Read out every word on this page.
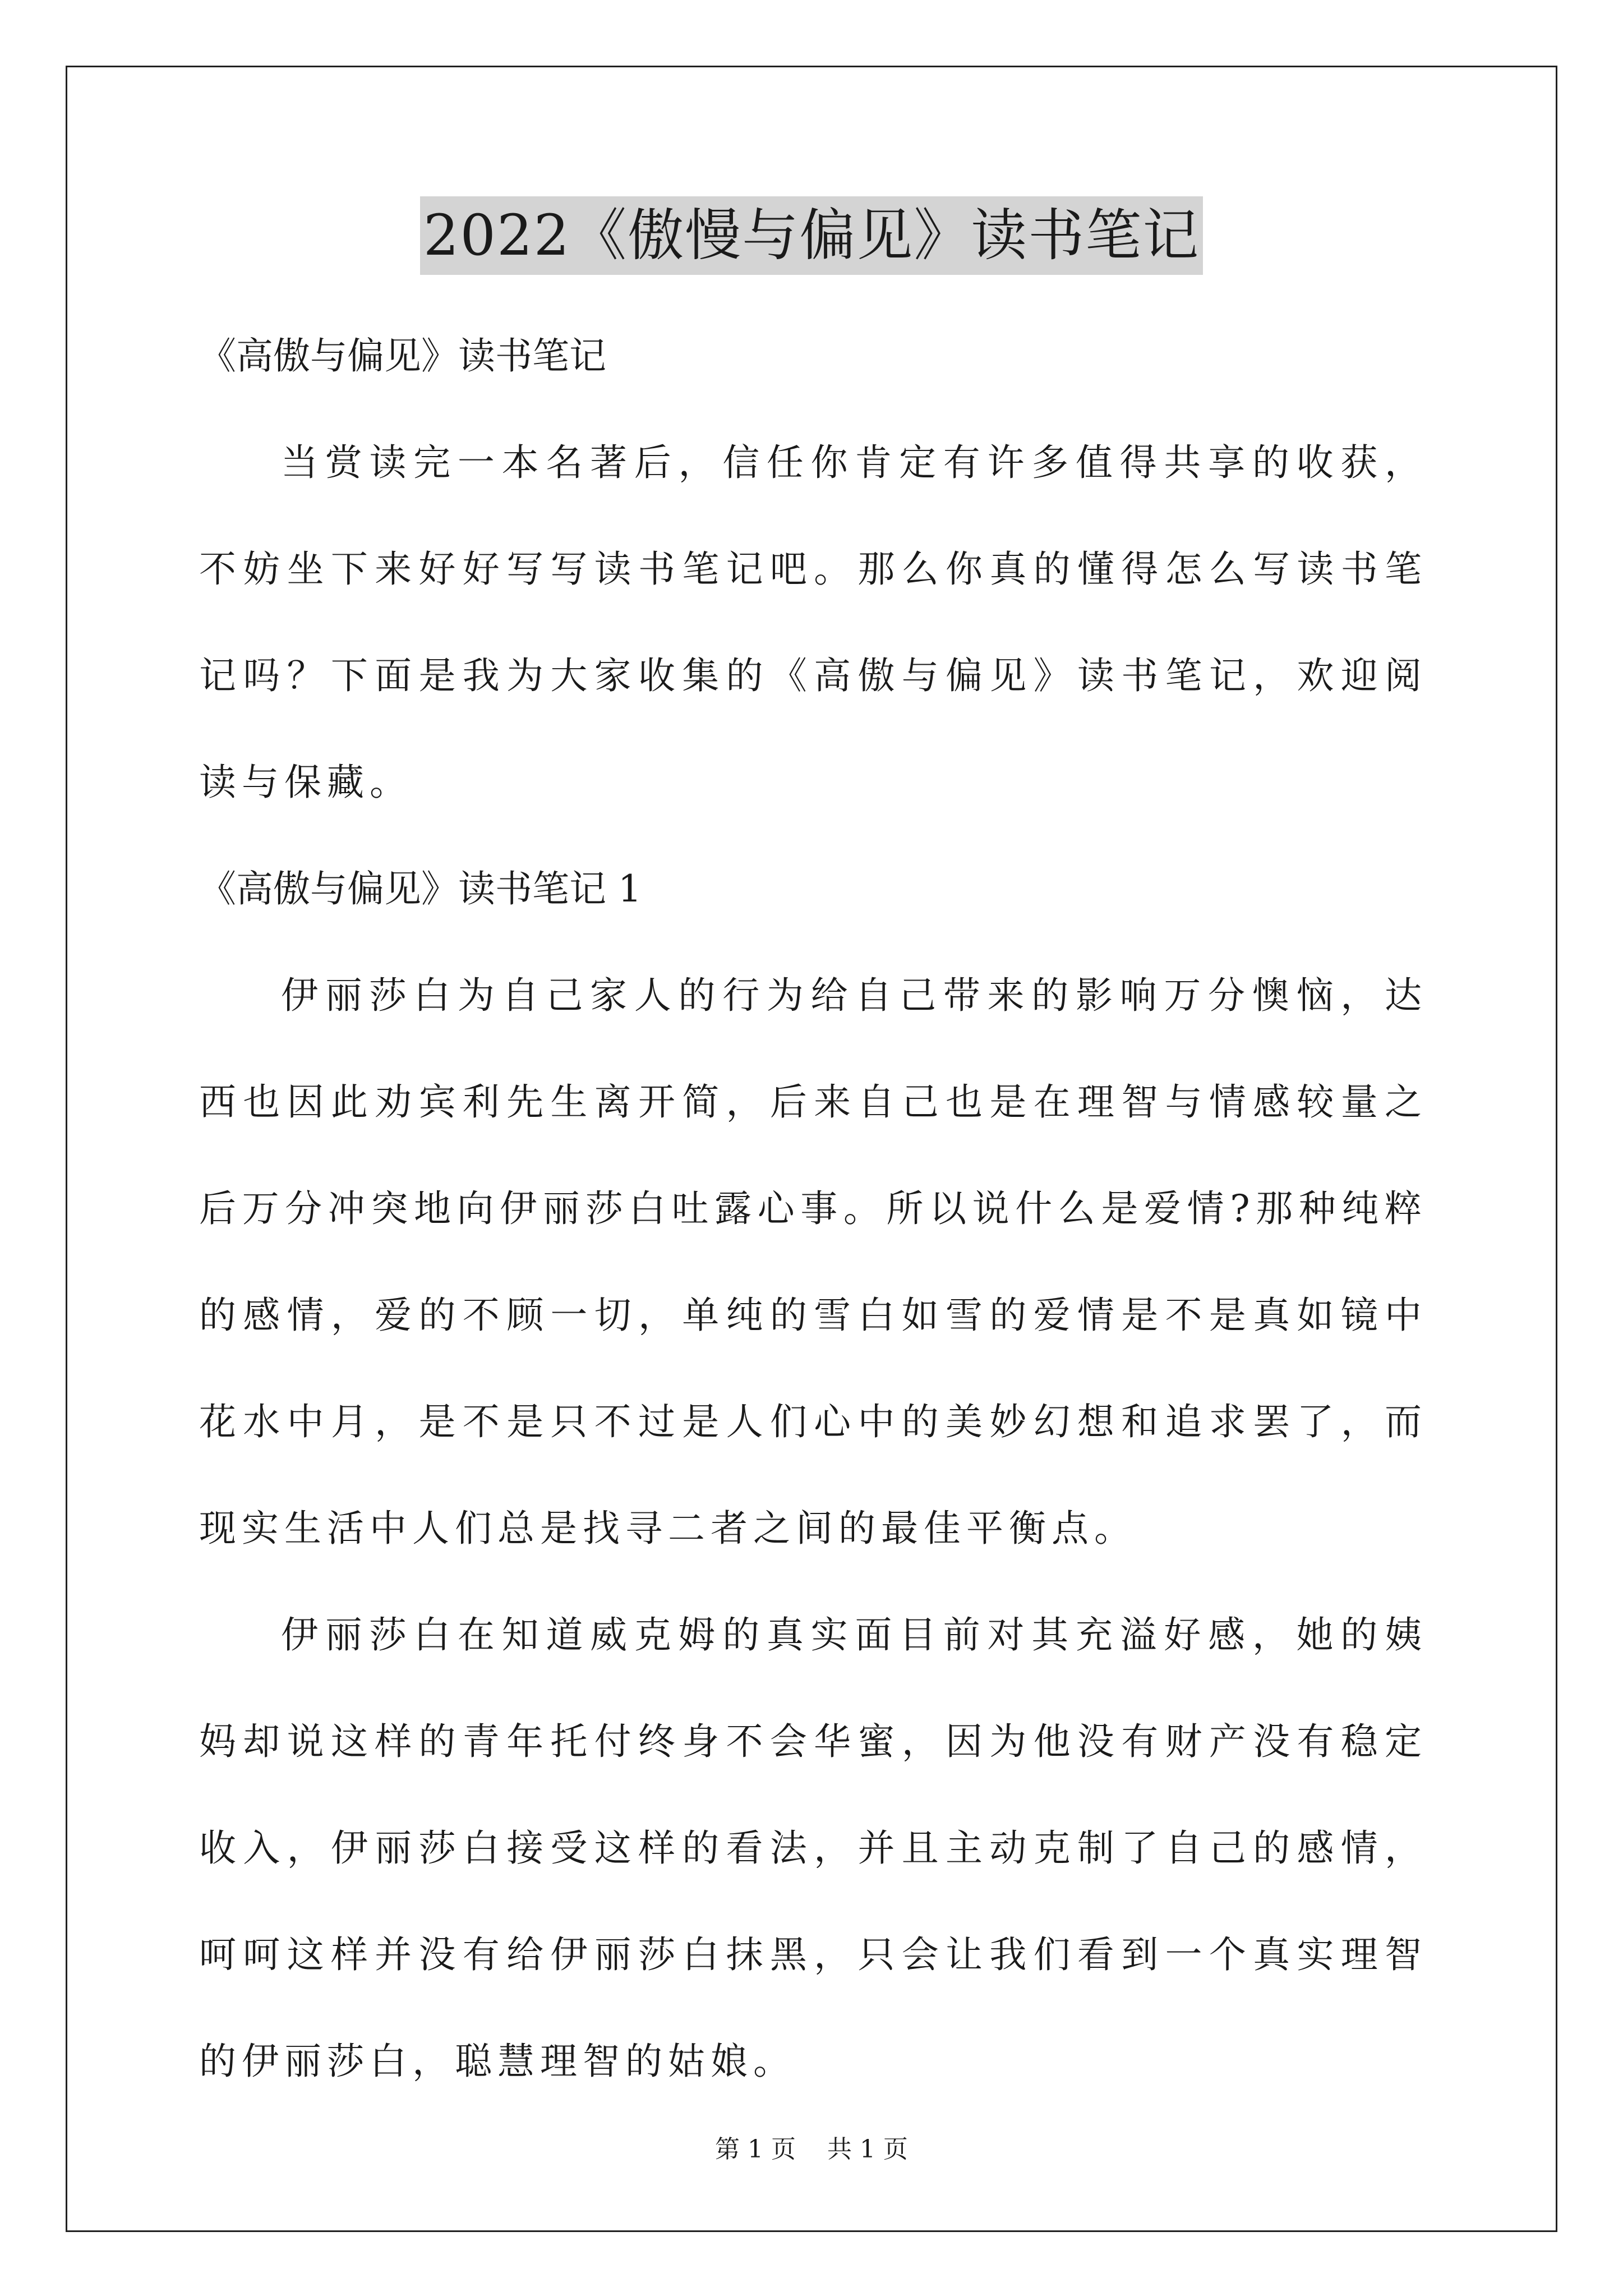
2022《傲慢与偏见》读书笔记

《高傲与偏见》读书笔记

当赏读完一本名著后，信任你肯定有许多值得共享的收获，不妨坐下来好好写写读书笔记吧。那么你真的懂得怎么写读书笔记吗？下面是我为大家收集的《高傲与偏见》读书笔记，欢迎阅读与保藏。

《高傲与偏见》读书笔记 1

伊丽莎白为自己家人的行为给自己带来的影响万分懊恼，达西也因此劝宾利先生离开简，后来自己也是在理智与情感较量之后万分冲突地向伊丽莎白吐露心事。所以说什么是爱情?那种纯粹的感情，爱的不顾一切，单纯的雪白如雪的爱情是不是真如镜中花水中月，是不是只不过是人们心中的美妙幻想和追求罢了，而现实生活中人们总是找寻二者之间的最佳平衡点。

伊丽莎白在知道威克姆的真实面目前对其充溢好感，她的姨妈却说这样的青年托付终身不会华蜜，因为他没有财产没有稳定收入，伊丽莎白接受这样的看法，并且主动克制了自己的感情，呵呵这样并没有给伊丽莎白抹黑，只会让我们看到一个真实理智的伊丽莎白，聪慧理智的姑娘。

第 1 页    共 1 页
